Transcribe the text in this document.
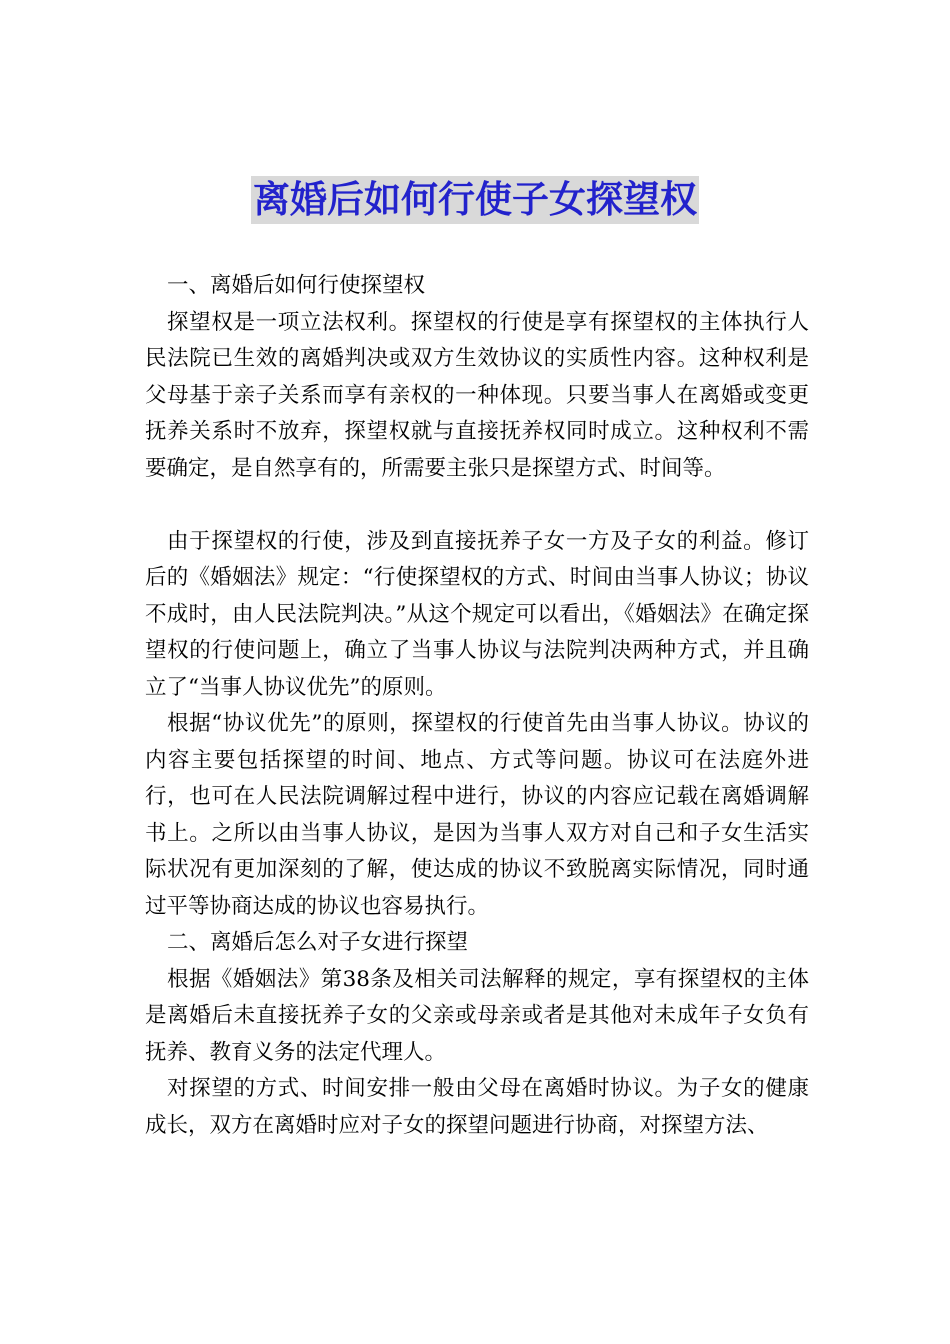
离婚后如何行使子女探望权

一、离婚后如何行使探望权

探望权是一项立法权利。探望权的行使是享有探望权的主体执行人民法院已生效的离婚判决或双方生效协议的实质性内容。这种权利是父母基于亲子关系而享有亲权的一种体现。只要当事人在离婚或变更抚养关系时不放弃，探望权就与直接抚养权同时成立。这种权利不需要确定，是自然享有的，所需要主张只是探望方式、时间等。

由于探望权的行使，涉及到直接抚养子女一方及子女的利益。修订后的《婚姻法》规定：“行使探望权的方式、时间由当事人协议；协议不成时，由人民法院判决。”从这个规定可以看出，《婚姻法》在确定探望权的行使问题上，确立了当事人协议与法院判决两种方式，并且确立了“当事人协议优先”的原则。

根据“协议优先”的原则，探望权的行使首先由当事人协议。协议的内容主要包括探望的时间、地点、方式等问题。协议可在法庭外进行，也可在人民法院调解过程中进行，协议的内容应记载在离婚调解书上。之所以由当事人协议，是因为当事人双方对自己和子女生活实际状况有更加深刻的了解，使达成的协议不致脱离实际情况，同时通过平等协商达成的协议也容易执行。

二、离婚后怎么对子女进行探望

根据《婚姻法》第38条及相关司法解释的规定，享有探望权的主体是离婚后未直接抚养子女的父亲或母亲或者是其他对未成年子女负有抚养、教育义务的法定代理人。

对探望的方式、时间安排一般由父母在离婚时协议。为子女的健康成长，双方在离婚时应对子女的探望问题进行协商，对探望方法、
